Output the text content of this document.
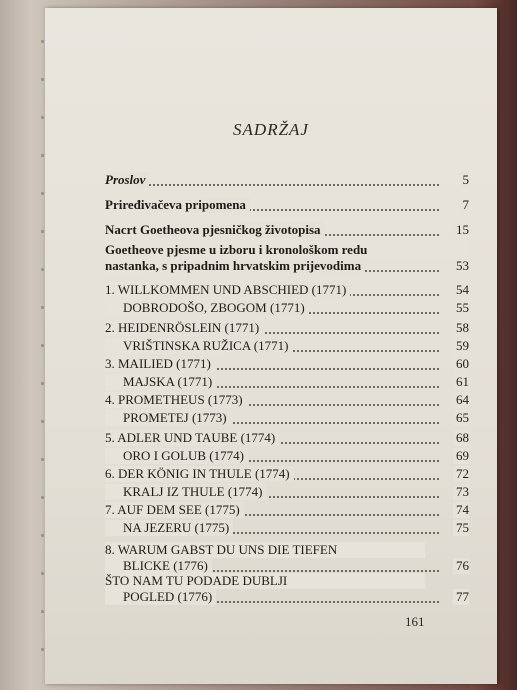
SADRŽAJ
Proslov	5
Priređivačeva pripomena	7
Nacrt Goetheova pjesničkog životopisa	15
Goetheove pjesme u izboru i kronološkom redu
nastanka, s pripadnim hrvatskim prijevodima	53
1. WILLKOMMEN UND ABSCHIED (1771)	54
DOBRODOŠO, ZBOGOM (1771)	55
2. HEIDENRÖSLEIN (1771)	58
VRIŠTINSKA RUŽICA (1771)	59
3. MAILIED (1771)	60
MAJSKA (1771)	61
4. PROMETHEUS (1773)	64
PROMETEJ (1773)	65
5. ADLER UND TAUBE (1774)	68
ORO I GOLUB (1774)	69
6. DER KÖNIG IN THULE (1774)	72
KRALJ IZ THULE (1774)	73
7. AUF DEM SEE (1775)	74
NA JEZERU (1775)	75
8. WARUM GABST DU UNS DIE TIEFEN
BLICKE (1776)	76
ŠTO NAM TU PODADE DUBLJI
POGLED (1776)	77
161
